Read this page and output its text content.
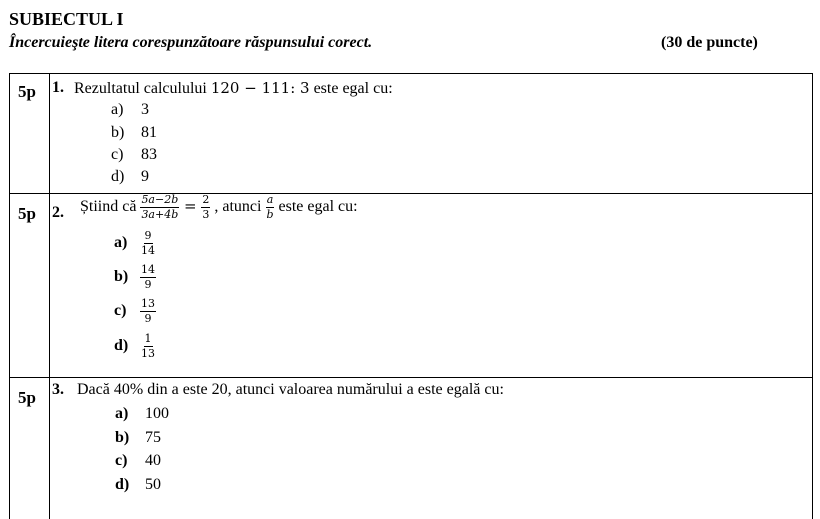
SUBIECTUL I
Încercuieşte litera corespunzătoare răspunsului corect.	(30 de puncte)
5p 1. Rezultatul calculului 120 − 111: 3 este egal cu:
a) 3
b) 81
c) 83
d) 9
5p 2. Știind că $\frac{5a-2b}{3a+4b} = \frac{2}{3}$ , atunci $\frac{a}{b}$ este egal cu:
$a) \frac{9}{14}$
$b) \frac{14}{9}$
$c) \frac{13}{9}$
$d) \frac{1}{13}$
5p 3. Dacă 40% din a este 20, atunci valoarea numărului a este egală cu:
a) 100
b) 75
c) 40
d) 50
